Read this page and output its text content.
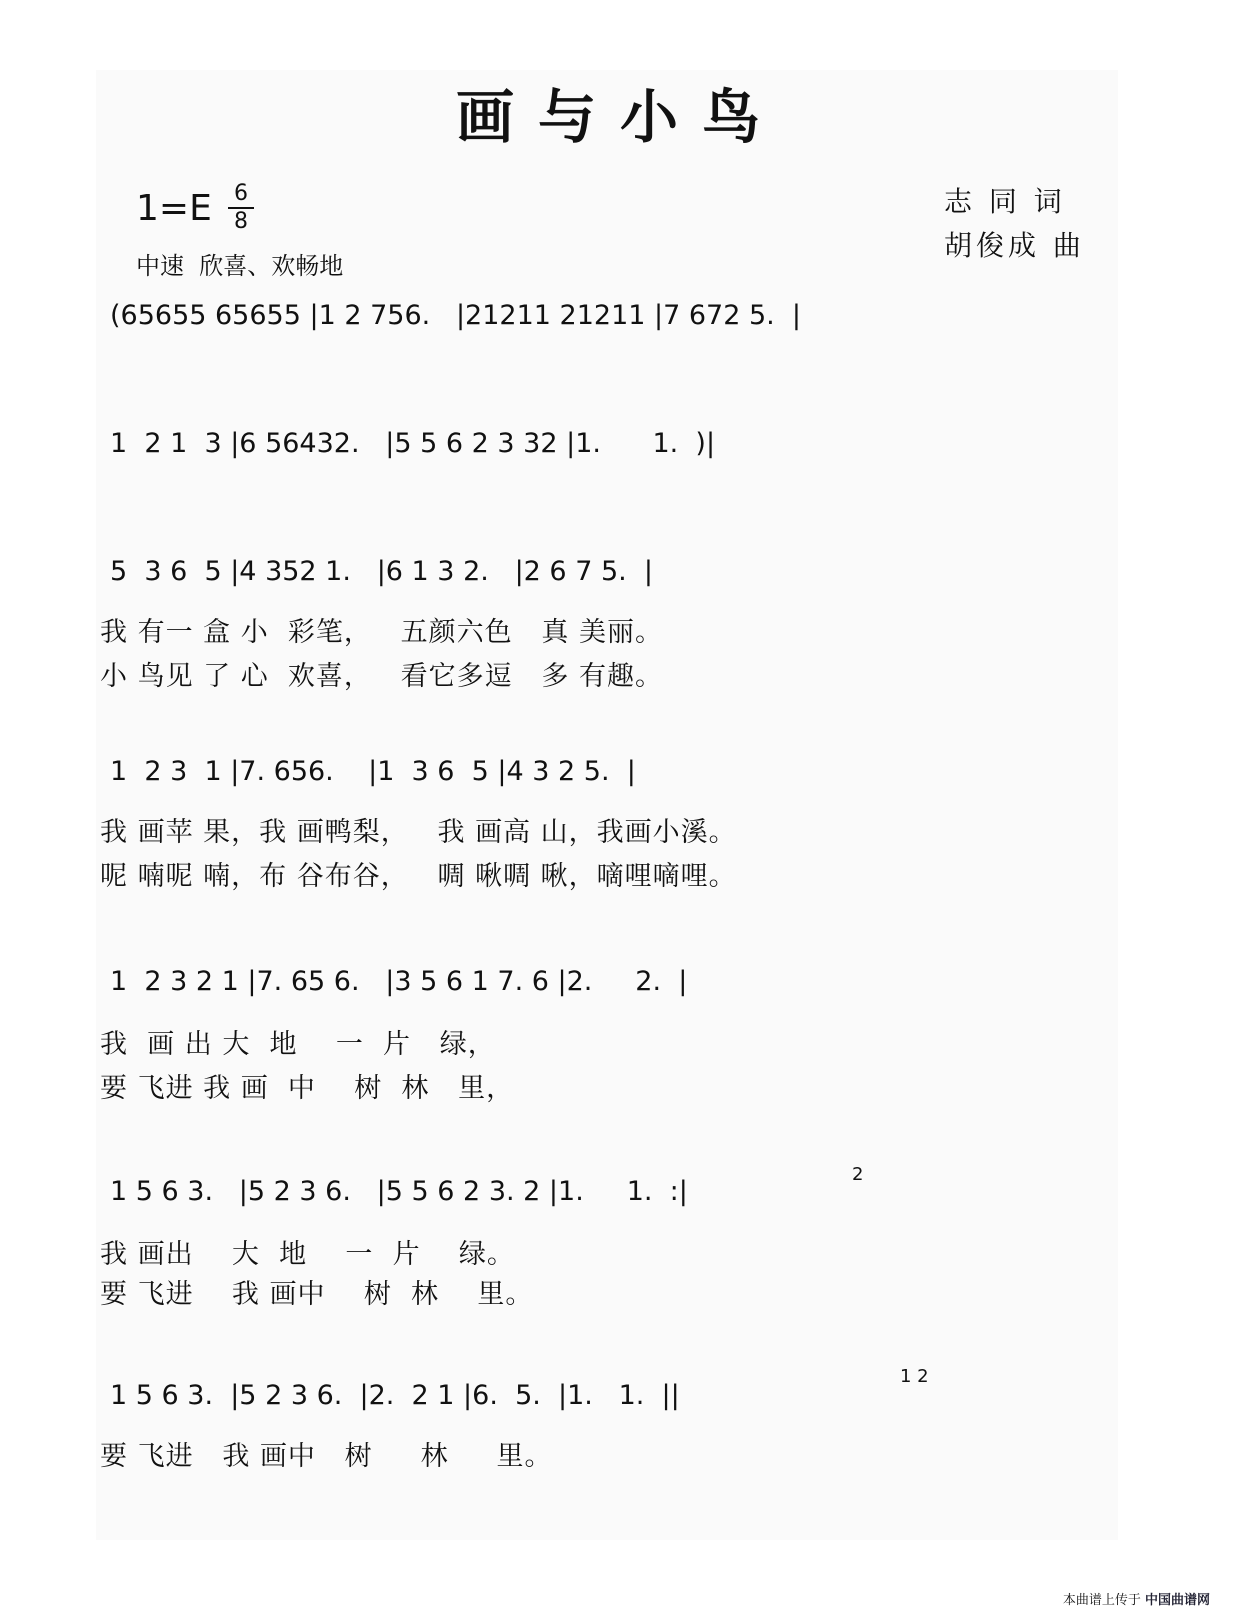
画与小鸟
1=E 6
8
中速  欣喜、欢畅地
志 同 词
胡俊成 曲
(65655 65655 |1 2 756.   |21211 21211 |7 672 5.  |
1  2 1  3 |6 56432.   |5 5 6 2 3 32 |1.      1.  )|
5  3 6  5 |4 352 1.   |6 1 3 2.   |2 6 7 5.  |
我 有一 盒 小  彩笔，   五颜六色   真 美丽。
小 鸟见 了 心  欢喜，   看它多逗   多 有趣。
1  2 3  1 |7. 656.    |1  3 6  5 |4 3 2 5.  |
我 画苹 果，我 画鸭梨，   我 画高 山，我画小溪。
呢 喃呢 喃，布 谷布谷，   啁 啾啁 啾，嘀哩嘀哩。
1  2 3 2 1 |7. 65 6.   |3 5 6 1 7. 6 |2.     2.  |
我  画 出 大  地    一  片   绿，
要 飞进 我 画  中    树  林   里，
1 5 6 3.   |5 2 3 6.   |5 5 6 2 3. 2 |1.     1.  :|
2
我 画出    大  地    一  片    绿。
要 飞进    我 画中    树  林    里。
1 5 6 3.  |5 2 3 6.  |2.  2 1 |6.  5.  |1.   1.  ||
1 2
要 飞进   我 画中   树     林     里。
本曲谱上传于 中国曲谱网
